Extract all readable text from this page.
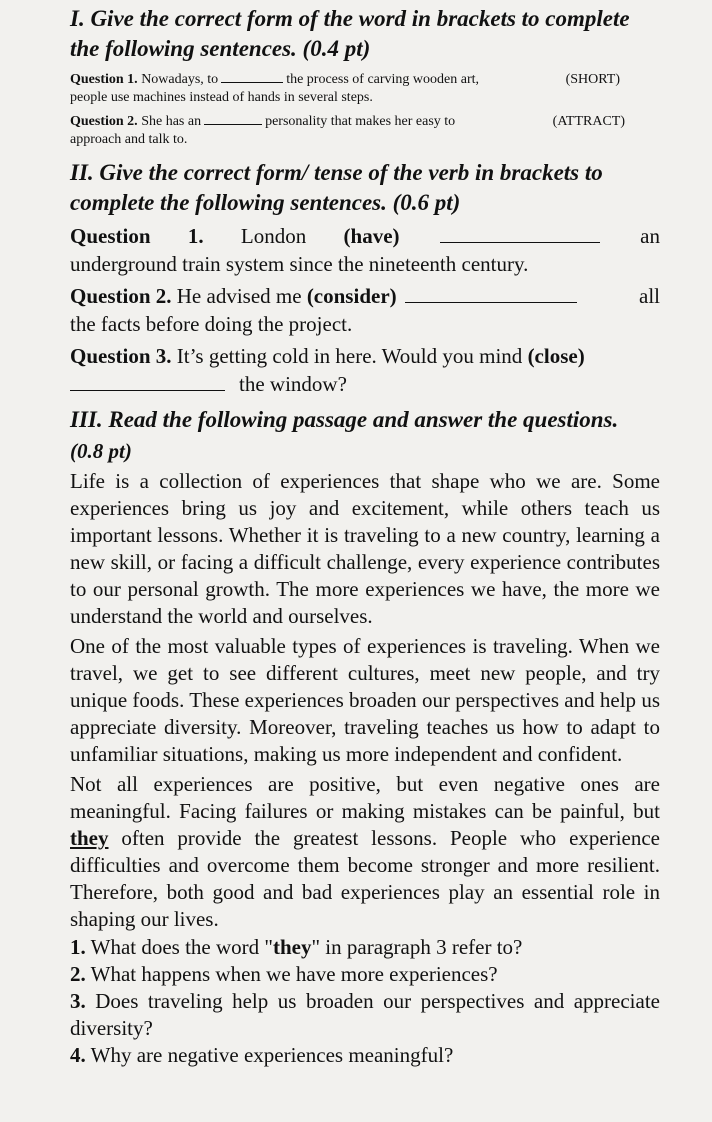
I. Give the correct form of the word in brackets to complete

the following sentences. (0.4 pt)

Question 1. Nowadays, to	the process of carving wooden art,	(SHORT)
people use machines instead of hands in several steps.
Question 2. She has an	personality that makes her easy to	(ATTRACT)
approach and talk to.

II. Give the correct form/ tense of the verb in brackets to

complete the following sentences. (0.6 pt)

Question 1. London (have)	an
underground train system since the nineteenth century.
Question 2. He advised me (consider)	all
the facts before doing the project.
Question 3. It’s getting cold in here. Would you mind (close)
the window?

III. Read the following passage and answer the questions.

(0.8 pt)

Life is a collection of experiences that shape who we are. Some experiences bring us joy and excitement, while others teach us important lessons. Whether it is traveling to a new country, learning a new skill, or facing a difficult challenge, every experience contributes to our personal growth. The more experiences we have, the more we understand the world and ourselves.

One of the most valuable types of experiences is traveling. When we travel, we get to see different cultures, meet new people, and try unique foods. These experiences broaden our perspectives and help us appreciate diversity. Moreover, traveling teaches us how to adapt to unfamiliar situations, making us more independent and confident.

Not all experiences are positive, but even negative ones are meaningful. Facing failures or making mistakes can be painful, but they often provide the greatest lessons. People who experience difficulties and overcome them become stronger and more resilient. Therefore, both good and bad experiences play an essential role in shaping our lives.

1. What does the word "they" in paragraph 3 refer to?

2. What happens when we have more experiences?

3. Does traveling help us broaden our perspectives and appreciate diversity?

4. Why are negative experiences meaningful?
